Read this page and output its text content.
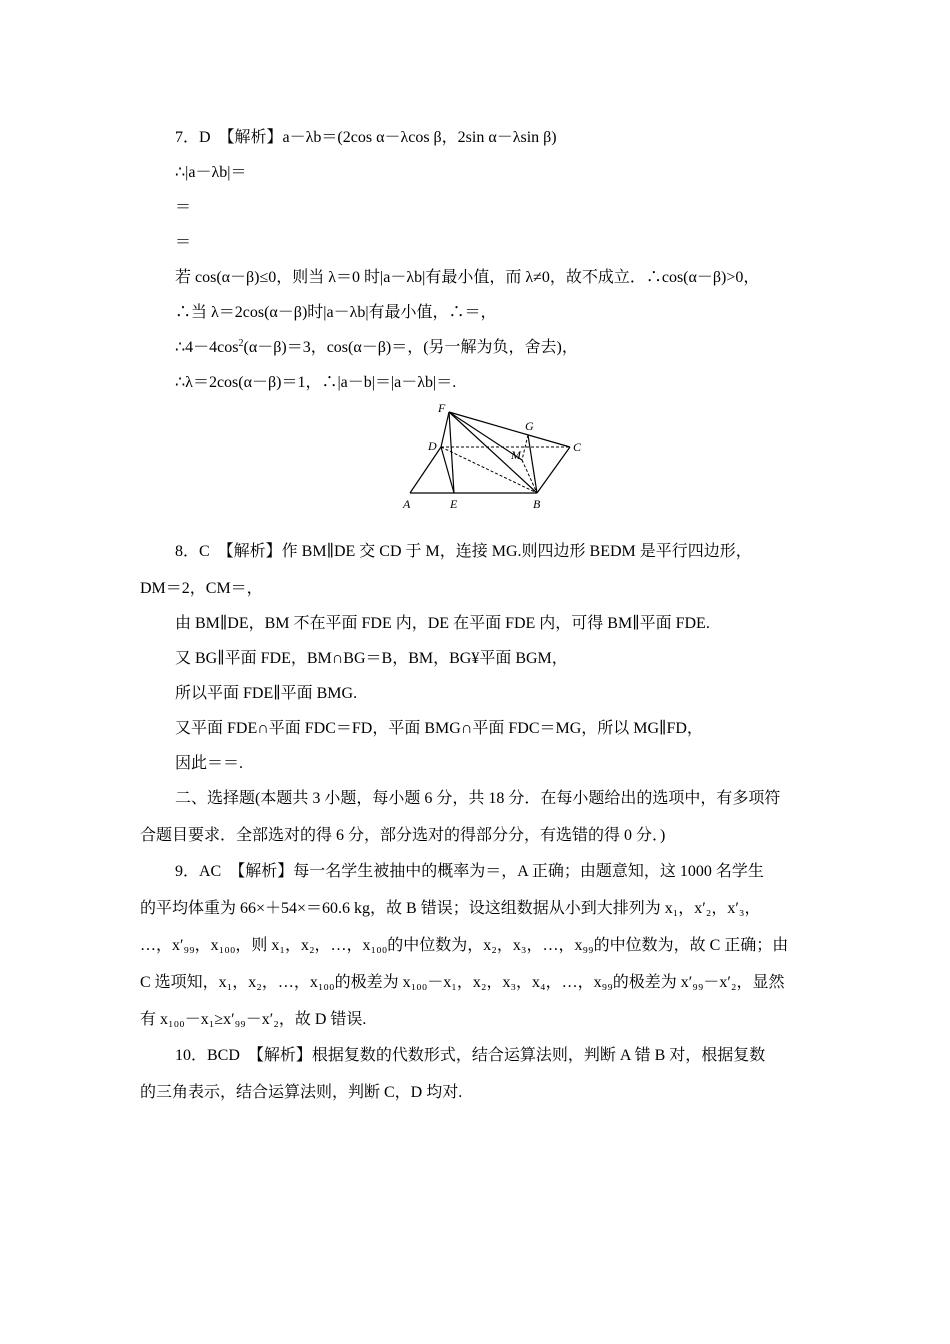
7．D　【解析】a－λb＝(2cos α－λcos β，2sin α－λsin β)
∴|a－λb|＝
＝
＝
若 cos(α－β)≤0，则当 λ＝0 时|a－λb|有最小值，而 λ≠0，故不成立．∴cos(α－β)>0，
∴当 λ＝2cos(α－β)时|a－λb|有最小值，∴＝，
$\therefore 4-4\cos^2(\alpha-\beta)=3$，cos(α－β)＝，(另一解为负，舍去)，
∴λ＝2cos(α－β)＝1，∴|a－b|＝|a－λb|＝.
F
G
D	C
M
A	E	B
8．C　【解析】作 BM∥DE 交 CD 于 M，连接 MG.则四边形 BEDM 是平行四边形，
DM＝2，CM＝，
由 BM∥DE，BM 不在平面 FDE 内，DE 在平面 FDE 内，可得 BM∥平面 FDE.
又 BG∥平面 FDE，BM∩BG＝B，BM，BG¥平面 BGM，
所以平面 FDE∥平面 BMG.
又平面 FDE∩平面 FDC＝FD，平面 BMG∩平面 FDC＝MG，所以 MG∥FD，
因此＝＝.
二、选择题(本题共 3 小题，每小题 6 分，共 18 分．在每小题给出的选项中，有多项符
合题目要求．全部选对的得 6 分，部分选对的得部分分，有选错的得 0 分．)
9．AC　【解析】每一名学生被抽中的概率为＝，A 正确；由题意知，这 1000 名学生
的平均体重为 66×＋54×＝60.6 kg，故 B 错误；设这组数据从小到大排列为 x₁，x′₂，x′₃，
…，x′₉₉，x₁₀₀，则 x₁，x₂，…，x₁₀₀的中位数为，x₂，x₃，…，x₉₉的中位数为，故 C 正确；由
C 选项知，x₁，x₂，…，x₁₀₀的极差为 x₁₀₀－x₁，x₂，x₃，x₄，…，x₉₉的极差为 x′₉₉－x′₂，显然
有 x₁₀₀－x₁≥x′₉₉－x′₂，故 D 错误.
10．BCD　【解析】根据复数的代数形式，结合运算法则，判断 A 错 B 对，根据复数
的三角表示，结合运算法则，判断 C，D 均对.
